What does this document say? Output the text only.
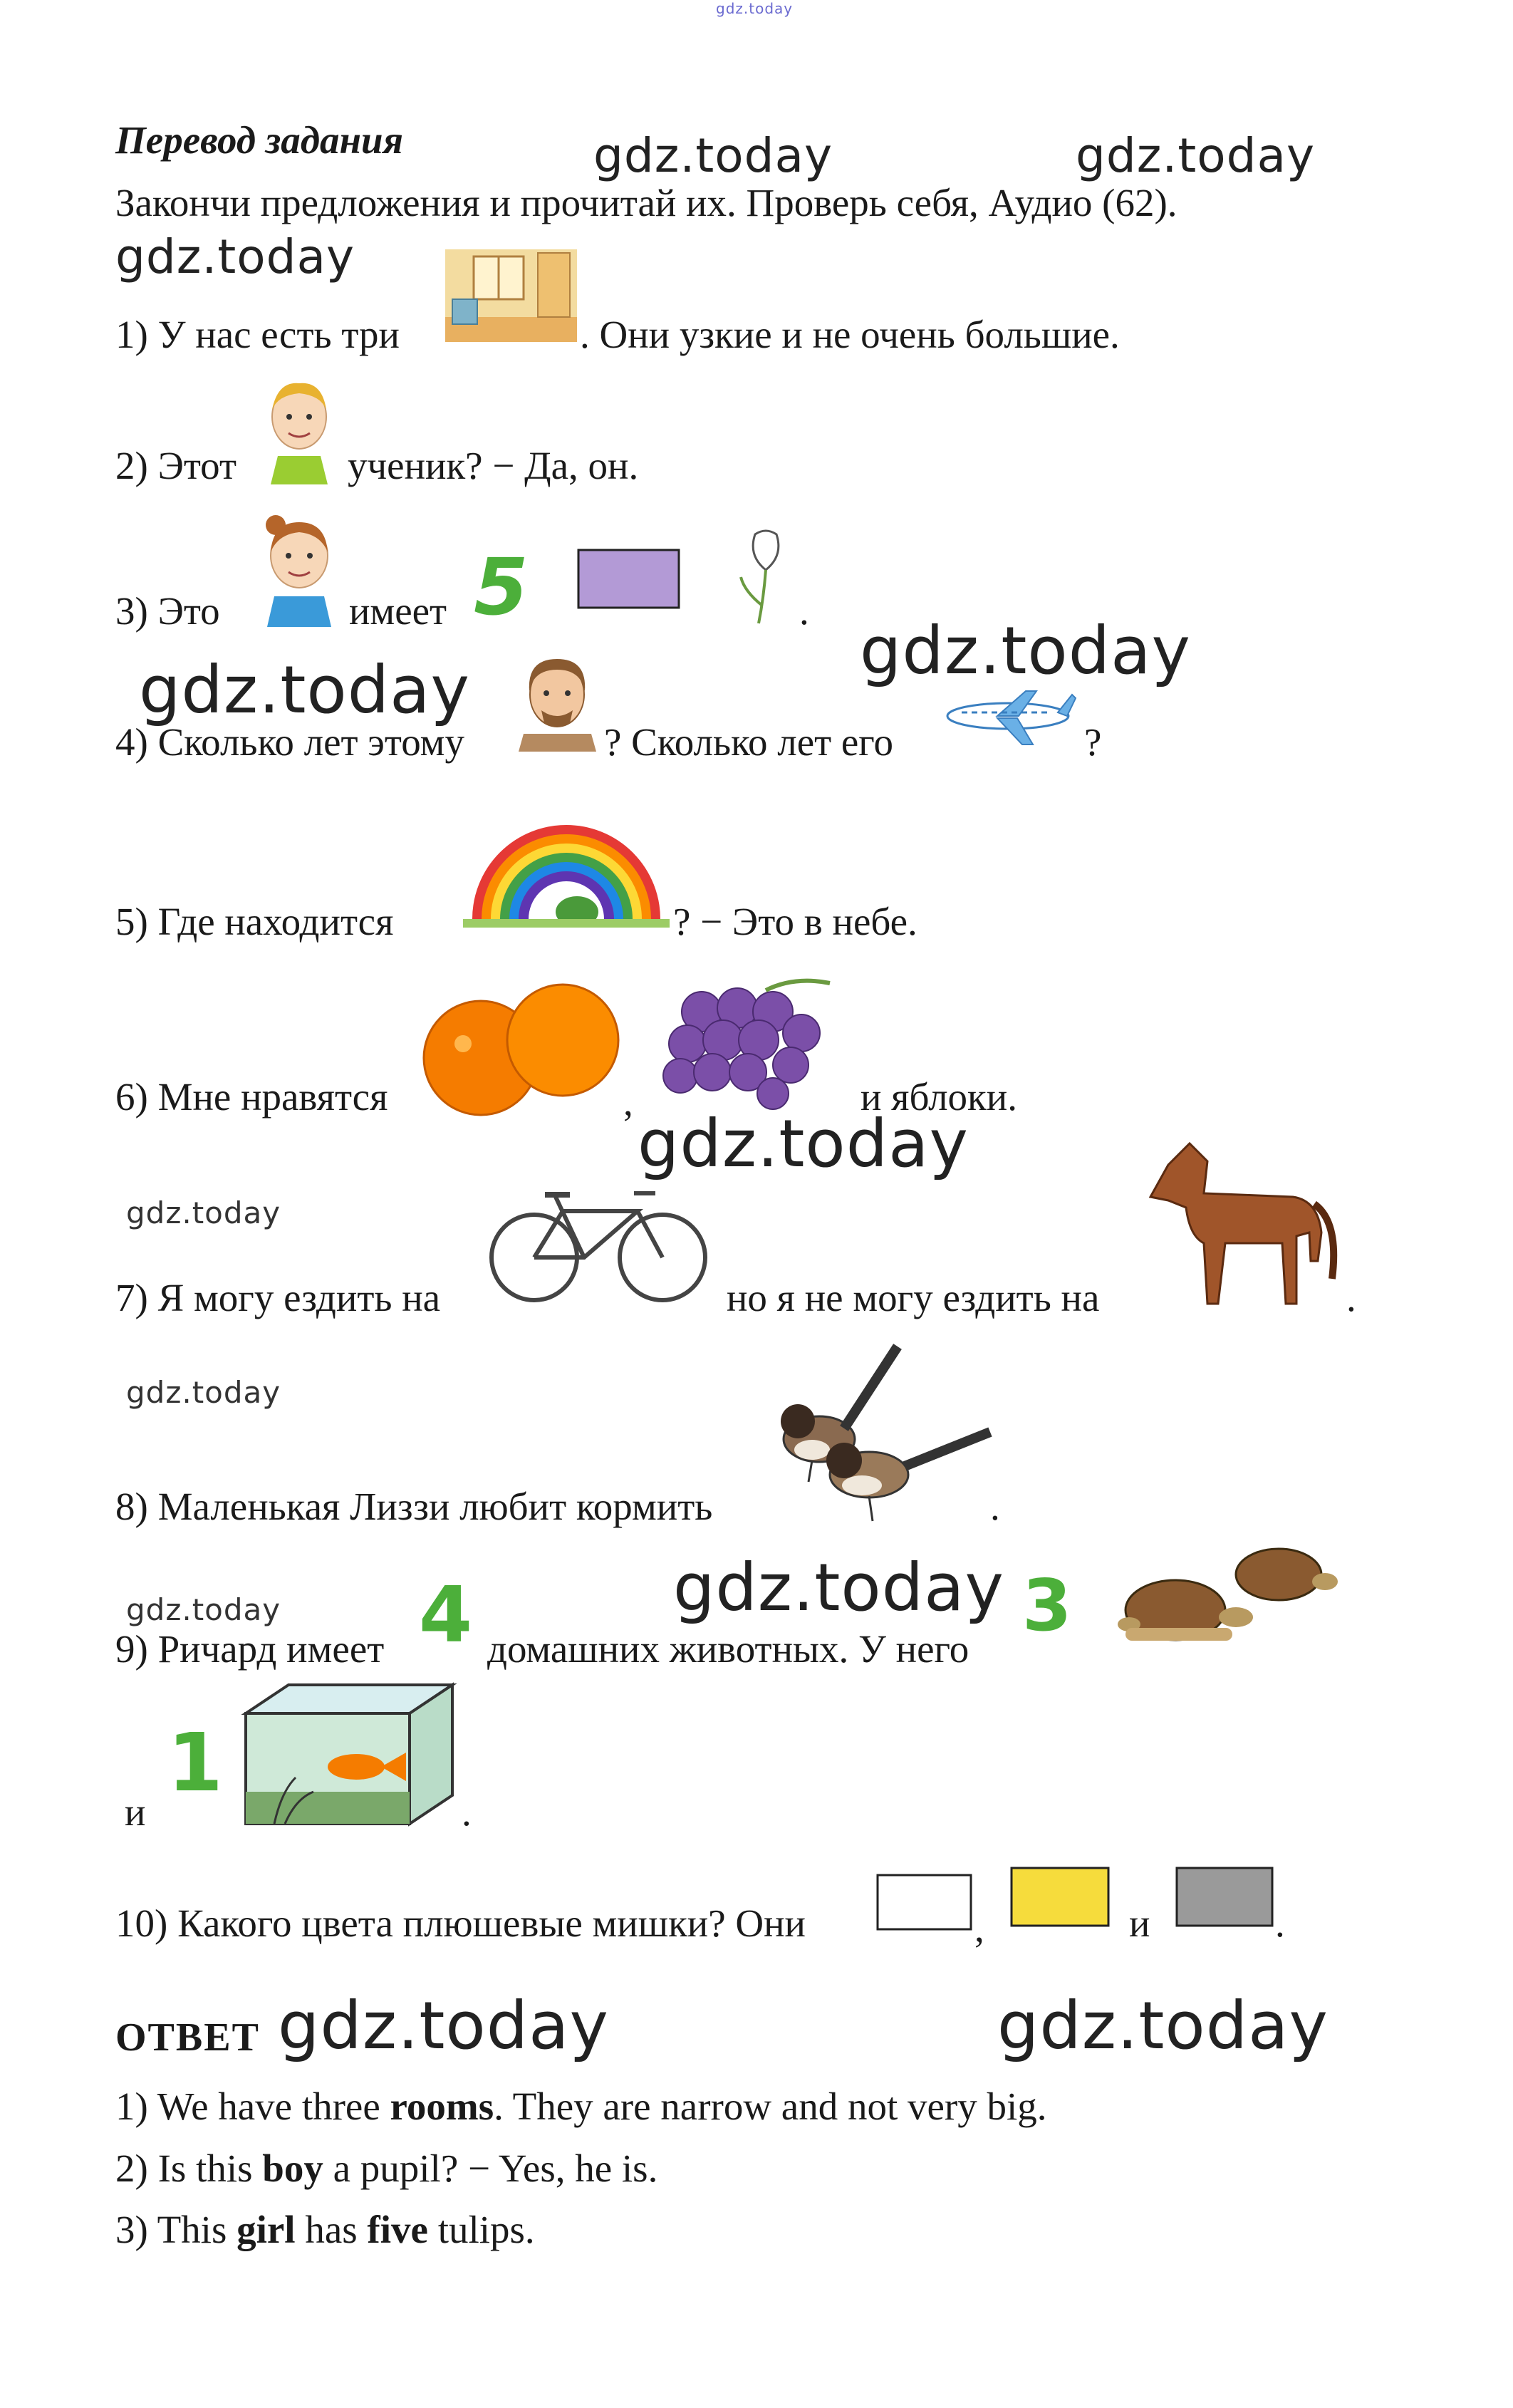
gdz.today
Перевод задания	gdz.today	gdz.today
Закончи предложения и прочитай их. Проверь себя, Аудио (62).
gdz.today
1) У нас есть три	. Они узкие и не очень большие.
2) Этот	ученик? − Да, он.
3) Это	имеет 5	.
gdz.today
gdz.today
4) Сколько лет этому	? Сколько лет его	?
5) Где находится	? − Это в небе.
6) Мне нравятся	,	и яблоки.
gdz.today
gdz.today
7) Я могу ездить на	но я не могу ездить на	.
gdz.today
8) Маленькая Лиззи любит кормить	.
gdz.today	gdz.today
9) Ричард имеет 4 домашних животных. У него
3
и
1
.
10) Какого цвета плюшевые мишки? Они	,	и	.
ОТВЕТ gdz.today	gdz.today
1) We have three rooms. They are narrow and not very big.
2) Is this boy a pupil? − Yes, he is.
3) This girl has five tulips.
